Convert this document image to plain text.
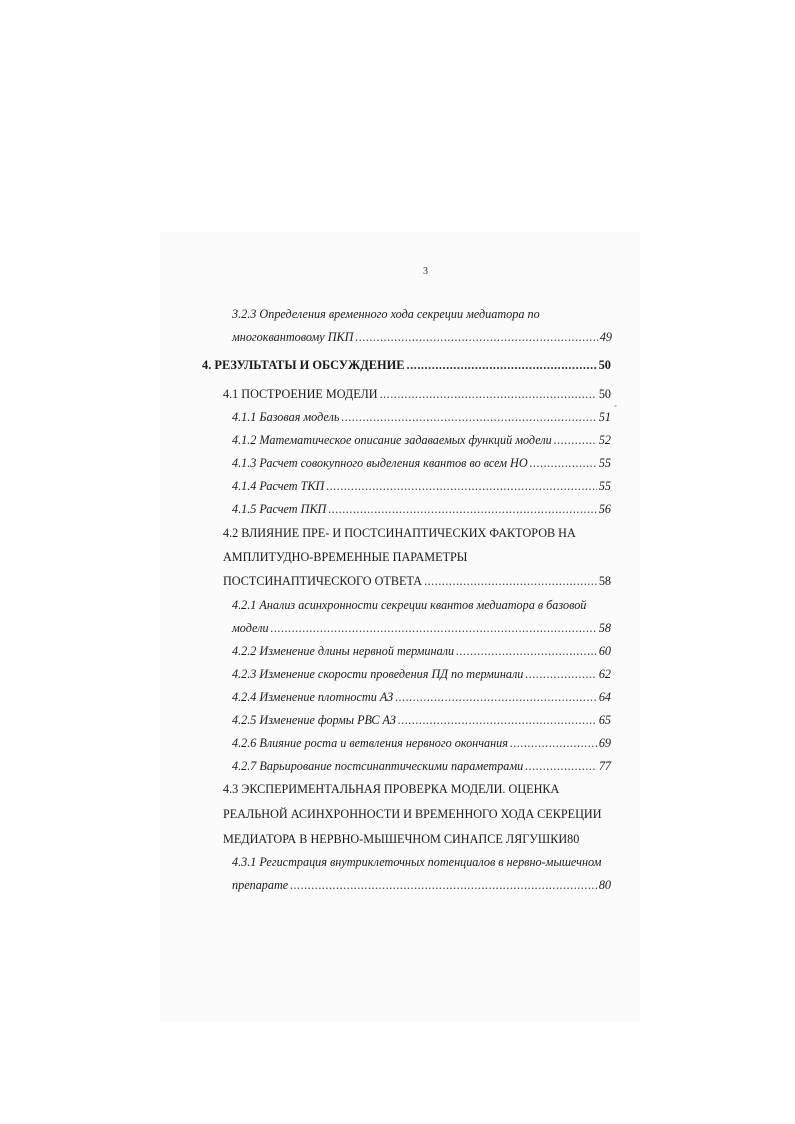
3
˚
3.2.3 Определения временного хода секреции медиатора по
многоквантовому ПКП .....	49
4. РЕЗУЛЬТАТЫ И ОБСУЖДЕНИЕ .....	50
4.1 ПОСТРОЕНИЕ МОДЕЛИ .....	50
4.1.1 Базовая модель .....	51
4.1.2 Математическое описание задаваемых функций модели .....	52
4.1.3 Расчет совокупного выделения квантов во всем НО .....	55
4.1.4 Расчет ТКП .....	55
4.1.5 Расчет ПКП .....	56
4.2 ВЛИЯНИЕ ПРЕ- И ПОСТСИНАПТИЧЕСКИХ ФАКТОРОВ НА
АМПЛИТУДНО-ВРЕМЕННЫЕ ПАРАМЕТРЫ
ПОСТСИНАПТИЧЕСКОГО ОТВЕТА .....	58
4.2.1 Анализ асинхронности секреции квантов медиатора в базовой
модели .....	58
4.2.2 Изменение длины нервной терминали .....	60
4.2.3 Изменение скорости проведения ПД по терминали .....	62
4.2.4 Изменение плотности АЗ .....	64
4.2.5 Изменение формы РВС АЗ .....	65
4.2.6 Влияние роста и ветвления нервного окончания .....	69
4.2.7 Варьирование постсинаптическими параметрами .....	77
4.3 ЭКСПЕРИМЕНТАЛЬНАЯ ПРОВЕРКА МОДЕЛИ. ОЦЕНКА
РЕАЛЬНОЙ АСИНХРОННОСТИ И ВРЕМЕННОГО ХОДА СЕКРЕЦИИ
МЕДИАТОРА В НЕРВНО-МЫШЕЧНОМ СИНАПСЕ ЛЯГУШКИ80
4.3.1 Регистрация внутриклеточных потенциалов в нервно-мышечном
препарате .....	80
